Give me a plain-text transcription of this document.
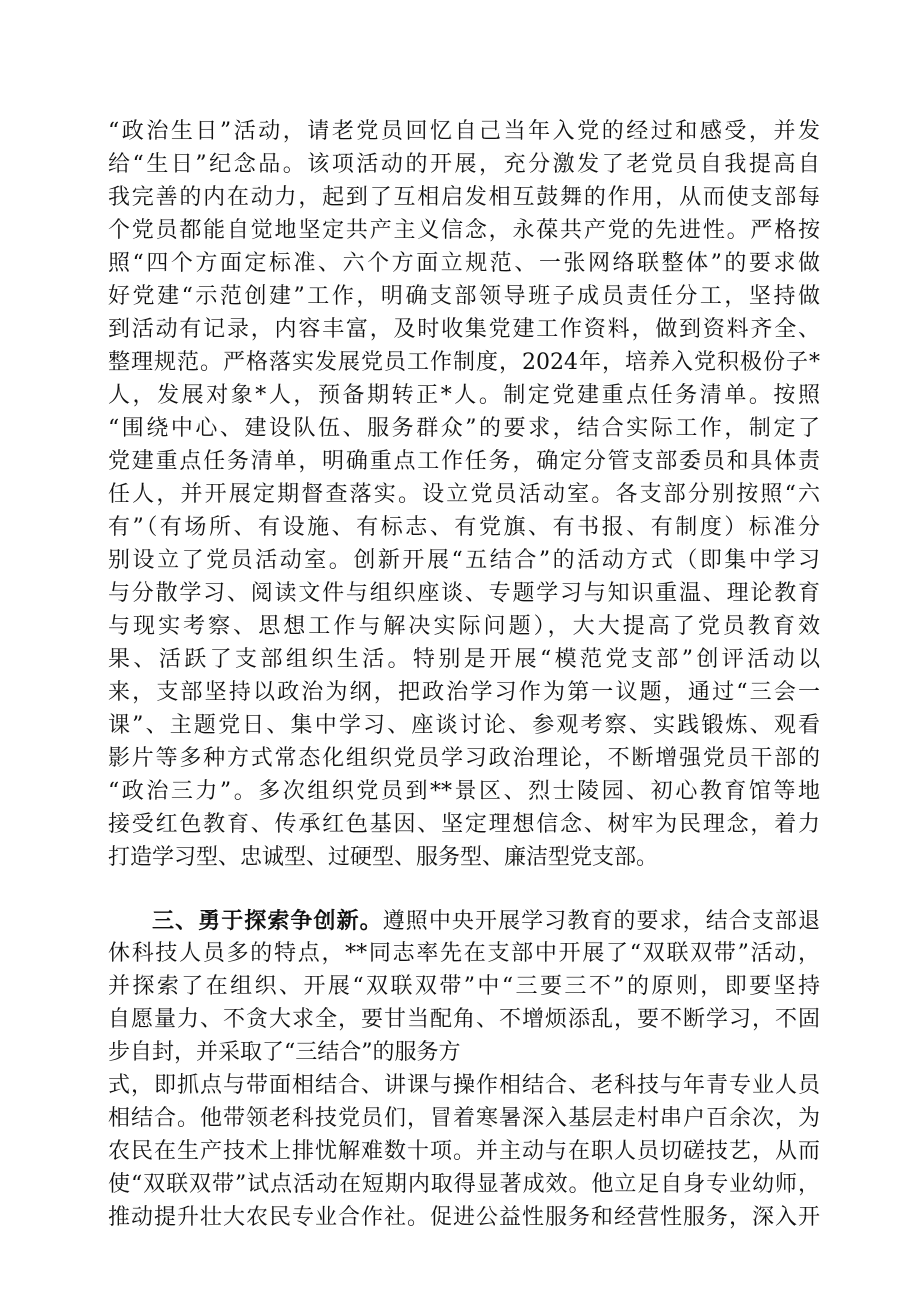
“政治生日”活动，请老党员回忆自己当年入党的经过和感受，并发
给“生日”纪念品。该项活动的开展，充分激发了老党员自我提高自
我完善的内在动力，起到了互相启发相互鼓舞的作用，从而使支部每
个党员都能自觉地坚定共产主义信念，永葆共产党的先进性。严格按
照“四个方面定标准、六个方面立规范、一张网络联整体”的要求做
好党建“示范创建”工作，明确支部领导班子成员责任分工，坚持做
到活动有记录，内容丰富，及时收集党建工作资料，做到资料齐全、
整理规范。严格落实发展党员工作制度，2024年，培养入党积极份子*
人，发展对象*人，预备期转正*人。制定党建重点任务清单。按照
“围绕中心、建设队伍、服务群众”的要求，结合实际工作，制定了
党建重点任务清单，明确重点工作任务，确定分管支部委员和具体责
任人，并开展定期督查落实。设立党员活动室。各支部分别按照“六
有”（有场所、有设施、有标志、有党旗、有书报、有制度）标准分
别设立了党员活动室。创新开展“五结合”的活动方式（即集中学习
与分散学习、阅读文件与组织座谈、专题学习与知识重温、理论教育
与现实考察、思想工作与解决实际问题），大大提高了党员教育效
果、活跃了支部组织生活。特别是开展“模范党支部”创评活动以
来，支部坚持以政治为纲，把政治学习作为第一议题，通过“三会一
课”、主题党日、集中学习、座谈讨论、参观考察、实践锻炼、观看
影片等多种方式常态化组织党员学习政治理论，不断增强党员干部的
“政治三力”。多次组织党员到**景区、烈士陵园、初心教育馆等地
接受红色教育、传承红色基因、坚定理想信念、树牢为民理念，着力
打造学习型、忠诚型、过硬型、服务型、廉洁型党支部。
三、勇于探索争创新。遵照中央开展学习教育的要求，结合支部退
休科技人员多的特点，**同志率先在支部中开展了“双联双带”活动，
并探索了在组织、开展“双联双带”中“三要三不”的原则，即要坚持
自愿量力、不贪大求全，要甘当配角、不增烦添乱，要不断学习，不固
步自封，并采取了“三结合”的服务方
式，即抓点与带面相结合、讲课与操作相结合、老科技与年青专业人员
相结合。他带领老科技党员们，冒着寒暑深入基层走村串户百余次，为
农民在生产技术上排忧解难数十项。并主动与在职人员切磋技艺，从而
使“双联双带”试点活动在短期内取得显著成效。他立足自身专业幼师，
推动提升壮大农民专业合作社。促进公益性服务和经营性服务，深入开
